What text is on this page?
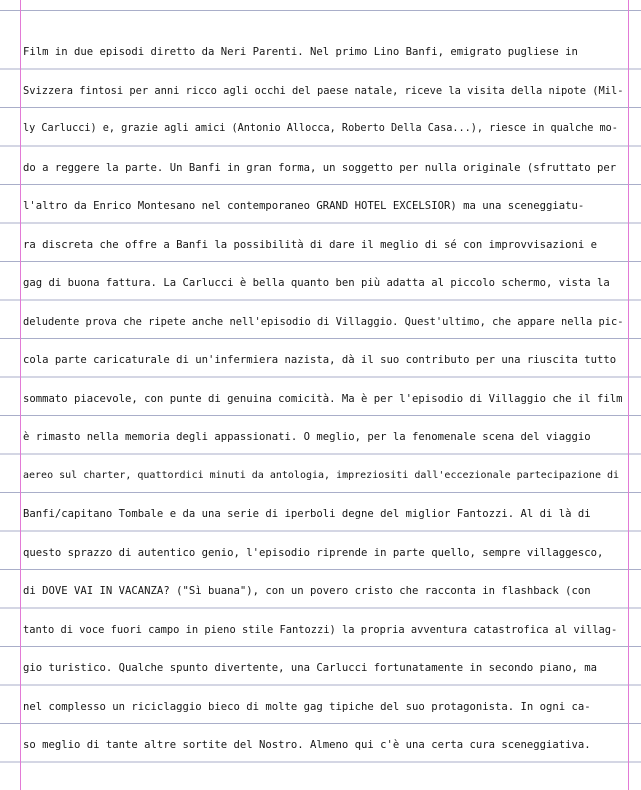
Film in due episodi diretto da Neri Parenti. Nel primo Lino Banfi, emigrato pugliese in
Svizzera fintosi per anni ricco agli occhi del paese natale, riceve la visita della nipote (Mil-
ly Carlucci) e, grazie agli amici (Antonio Allocca, Roberto Della Casa...), riesce in qualche mo-
do a reggere la parte. Un Banfi in gran forma, un soggetto per nulla originale (sfruttato per
l'altro da Enrico Montesano nel contemporaneo GRAND HOTEL EXCELSIOR) ma una sceneggiatu-
ra discreta che offre a Banfi la possibilità di dare il meglio di sé con improvvisazioni e
gag di buona fattura. La Carlucci è bella quanto ben più adatta al piccolo schermo, vista la
deludente prova che ripete anche nell'episodio di Villaggio. Quest'ultimo, che appare nella pic-
cola parte caricaturale di un'infermiera nazista, dà il suo contributo per una riuscita tutto
sommato piacevole, con punte di genuina comicità. Ma è per l'episodio di Villaggio che il film
è rimasto nella memoria degli appassionati. O meglio, per la fenomenale scena del viaggio
aereo sul charter, quattordici minuti da antologia, impreziositi dall'eccezionale partecipazione di
Banfi/capitano Tombale e da una serie di iperboli degne del miglior Fantozzi. Al di là di
questo sprazzo di autentico genio, l'episodio riprende in parte quello, sempre villaggesco,
di DOVE VAI IN VACANZA? ("Sì buana"), con un povero cristo che racconta in flashback (con
tanto di voce fuori campo in pieno stile Fantozzi) la propria avventura catastrofica al villag-
gio turistico. Qualche spunto divertente, una Carlucci fortunatamente in secondo piano, ma
nel complesso un riciclaggio bieco di molte gag tipiche del suo protagonista. In ogni ca-
so meglio di tante altre sortite del Nostro. Almeno qui c'è una certa cura sceneggiativa.
